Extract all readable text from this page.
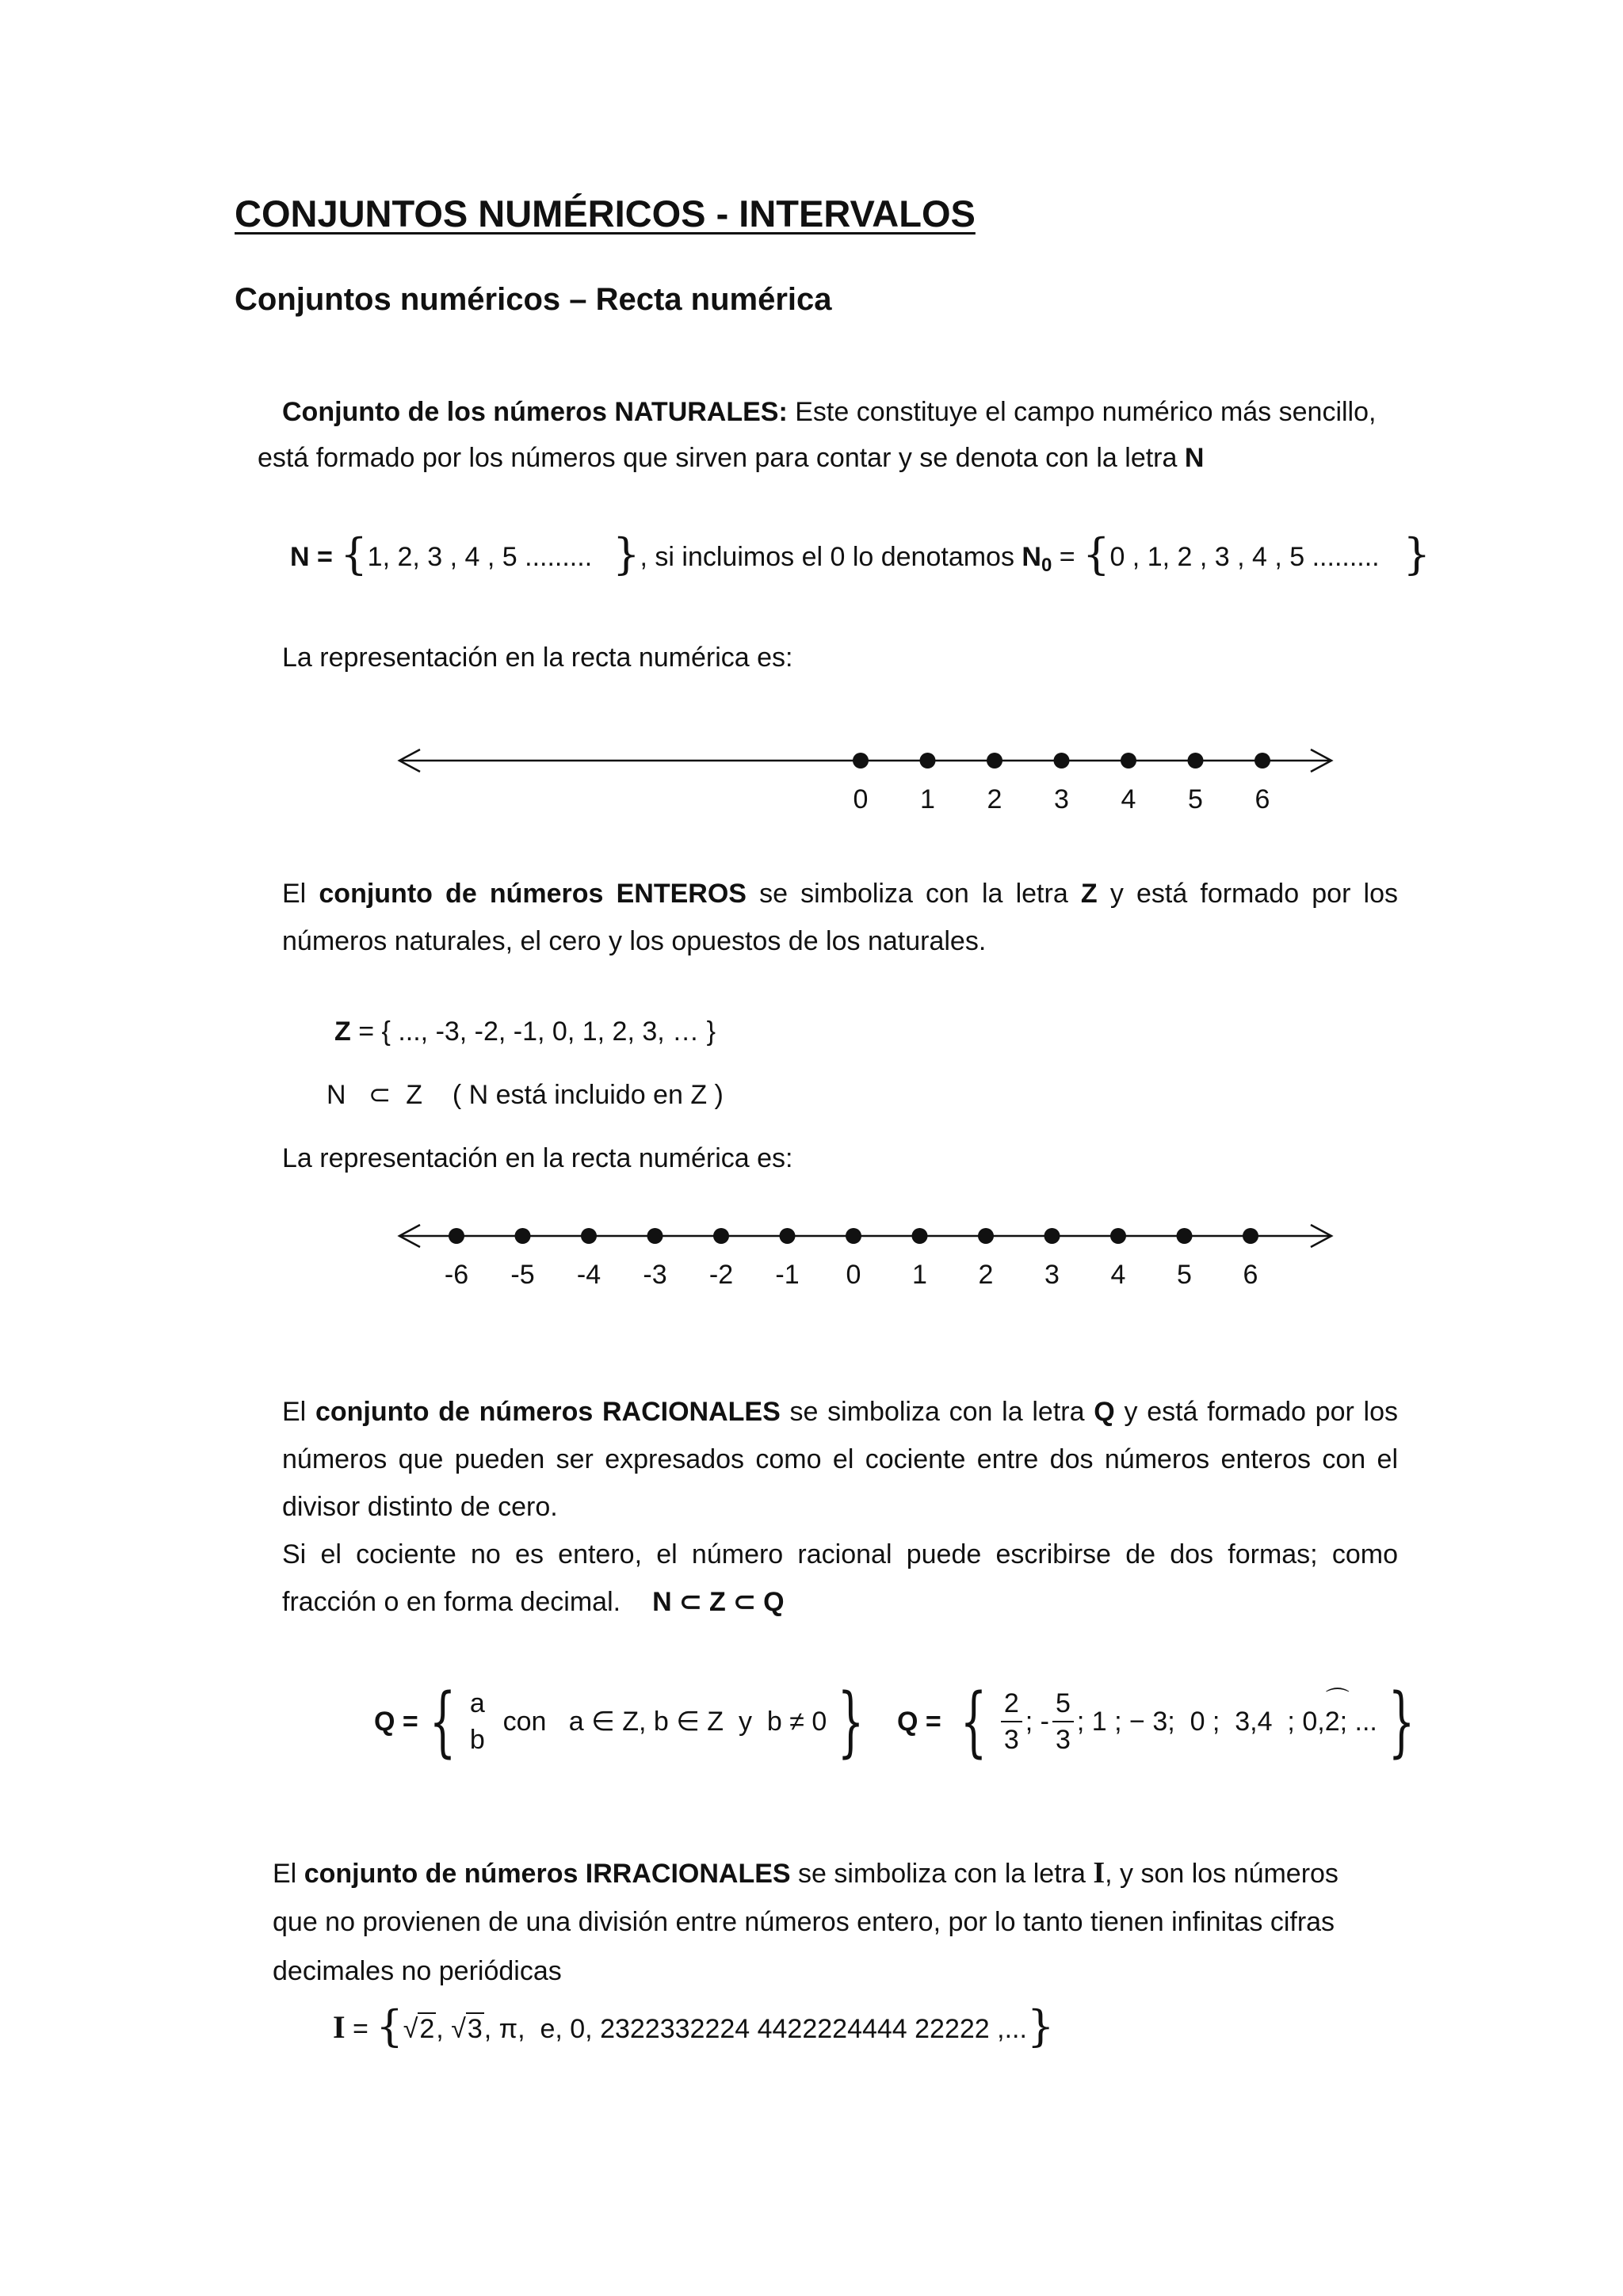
CONJUNTOS NUMÉRICOS - INTERVALOS
Conjuntos numéricos – Recta numérica
Conjunto de los números NATURALES: Este constituye el campo numérico más sencillo,
está formado por los números que sirven para contar y se denota con la letra N
N = {1, 2, 3 , 4 , 5 ......... }, si incluimos el 0 lo denotamos $N_0 = \{0$ , 1, 2 , 3 , 4 , 5 ......... }
La representación en la recta numérica es:
0 1 2 3 4 5 6
El conjunto de números ENTEROS se simboliza con la letra Z y está formado por los
números naturales, el cero y los opuestos de los naturales.
Z = { ..., -3, -2, -1, 0, 1, 2, 3, … }
N   ⊂  Z    ( N está incluido en Z )
La representación en la recta numérica es:
-6 -5 -4 -3 -2 -1 0 1 2 3 4 5 6
El conjunto de números RACIONALES se simboliza con la letra Q y está formado por los
números que pueden ser expresados como el cociente entre dos números enteros con el
divisor distinto de cero.
Si el cociente no es entero, el número racional puede escribirse de dos formas; como
fracción o en forma decimal. N ⊂ Z ⊂ Q
Q = { a
b
con   a ∈ Z, b ∈ Z  y  b ≠ 0 } Q = { $\frac{2}{3}$ ; - $\frac{5}{3}$ ; 1 ; − 3;  0 ;  3,4  ; 0,
⌒
2 ; ... }
El conjunto de números IRRACIONALES se simboliza con la letra I, y son los números
que no provienen de una división entre números entero, por lo tanto tienen infinitas cifras
decimales no periódicas
I = {√2, √3, π,  e, 0, 2322332224 4422224444 22222 ,...}
